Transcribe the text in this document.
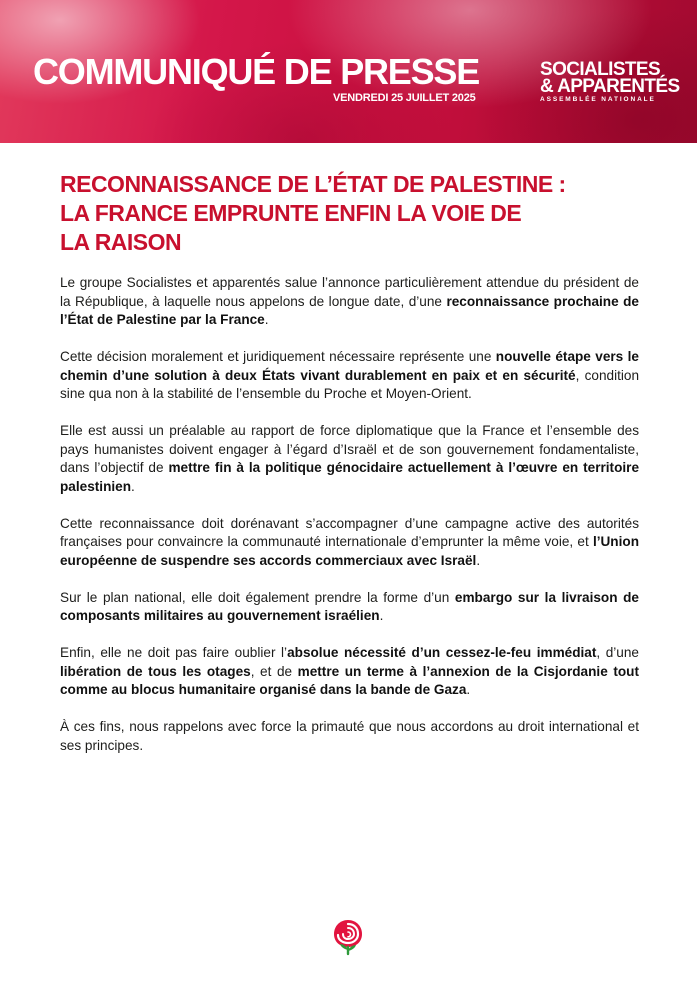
COMMUNIQUÉ DE PRESSE
VENDREDI 25 JUILLET 2025
SOCIALISTES
& APPARENTÉS
ASSEMBLÉE NATIONALE
RECONNAISSANCE DE L’ÉTAT DE PALESTINE :
LA FRANCE EMPRUNTE ENFIN LA VOIE DE
LA RAISON

Le groupe Socialistes et apparentés salue l’annonce particulièrement attendue du président de la République, à laquelle nous appelons de longue date, d’une reconnaissance prochaine de l’État de Palestine par la France.

Cette décision moralement et juridiquement nécessaire représente une nouvelle étape vers le chemin d’une solution à deux États vivant durablement en paix et en sécurité, condition sine qua non à la stabilité de l’ensemble du Proche et Moyen-Orient.

Elle est aussi un préalable au rapport de force diplomatique que la France et l’ensemble des pays humanistes doivent engager à l’égard d’Israël et de son gouvernement fondamentaliste, dans l’objectif de mettre fin à la politique génocidaire actuellement à l’œuvre en territoire palestinien.

Cette reconnaissance doit dorénavant s’accompagner d’une campagne active des autorités françaises pour convaincre la communauté internationale d’emprunter la même voie, et l’Union européenne de suspendre ses accords commerciaux avec Israël.

Sur le plan national, elle doit également prendre la forme d’un embargo sur la livraison de composants militaires au gouvernement israélien.

Enfin, elle ne doit pas faire oublier l’absolue nécessité d’un cessez-le-feu immédiat, d’une libération de tous les otages, et de mettre un terme à l’annexion de la Cisjordanie tout comme au blocus humanitaire organisé dans la bande de Gaza.

À ces fins, nous rappelons avec force la primauté que nous accordons au droit international et ses principes.
